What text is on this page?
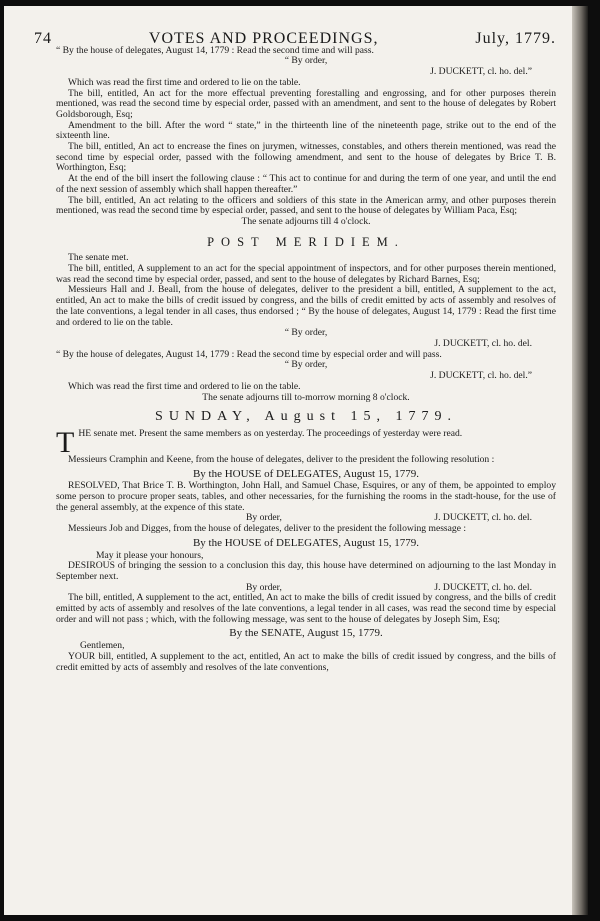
74	VOTES AND PROCEEDINGS,	July, 1779.

“ By the house of delegates, August 14, 1779 : Read the second time and will pass.

“ By order,

J. DUCKETT, cl. ho. del.”

Which was read the first time and ordered to lie on the table.

The bill, entitled, An act for the more effectual preventing forestalling and engrossing, and for other purposes therein mentioned, was read the second time by especial order, passed with an amendment, and sent to the house of delegates by Robert Goldsborough, Esq;

Amendment to the bill. After the word “ state,” in the thirteenth line of the nineteenth page, strike out to the end of the sixteenth line.

The bill, entitled, An act to encrease the fines on jurymen, witnesses, constables, and others therein mentioned, was read the second time by especial order, passed with the following amendment, and sent to the house of delegates by Brice T. B. Worthington, Esq;

At the end of the bill insert the following clause : “ This act to continue for and during the term of one year, and until the end of the next session of assembly which shall happen thereafter.”

The bill, entitled, An act relating to the officers and soldiers of this state in the American army, and other purposes therein mentioned, was read the second time by especial order, passed, and sent to the house of delegates by William Paca, Esq;

The senate adjourns till 4 o'clock.

POST MERIDIEM.

The senate met.

The bill, entitled, A supplement to an act for the special appointment of inspectors, and for other purposes therein mentioned, was read the second time by especial order, passed, and sent to the house of delegates by Richard Barnes, Esq;

Messieurs Hall and J. Beall, from the house of delegates, deliver to the president a bill, entitled, A supplement to the act, entitled, An act to make the bills of credit issued by congress, and the bills of credit emitted by acts of assembly and resolves of the late conventions, a legal tender in all cases, thus endorsed ; “ By the house of delegates, August 14, 1779 : Read the first time and ordered to lie on the table.

“ By order,

J. DUCKETT, cl. ho. del.

“ By the house of delegates, August 14, 1779 : Read the second time by especial order and will pass.

“ By order,

J. DUCKETT, cl. ho. del.”

Which was read the first time and ordered to lie on the table.

The senate adjourns till to-morrow morning 8 o'clock.

SUNDAY, August 15, 1779.

THE senate met. Present the same members as on yesterday. The proceedings of yesterday were read.

Messieurs Cramphin and Keene, from the house of delegates, deliver to the president the following resolution :

By the HOUSE of DELEGATES, August 15, 1779.

RESOLVED, That Brice T. B. Worthington, John Hall, and Samuel Chase, Esquires, or any of them, be appointed to employ some person to procure proper seats, tables, and other necessaries, for the furnishing the rooms in the stadt-house, for the use of the general assembly, at the expence of this state.

By order,	J. DUCKETT, cl. ho. del.

Messieurs Job and Digges, from the house of delegates, deliver to the president the following message :

By the HOUSE of DELEGATES, August 15, 1779.

May it please your honours,

DESIROUS of bringing the session to a conclusion this day, this house have determined on adjourning to the last Monday in September next.

By order,	J. DUCKETT, cl. ho. del.

The bill, entitled, A supplement to the act, entitled, An act to make the bills of credit issued by congress, and the bills of credit emitted by acts of assembly and resolves of the late conventions, a legal tender in all cases, was read the second time by especial order and will not pass ; which, with the following message, was sent to the house of delegates by Joseph Sim, Esq;

By the SENATE, August 15, 1779.

Gentlemen,

YOUR bill, entitled, A supplement to the act, entitled, An act to make the bills of credit issued by congress, and the bills of credit emitted by acts of assembly and resolves of the late conventions,
